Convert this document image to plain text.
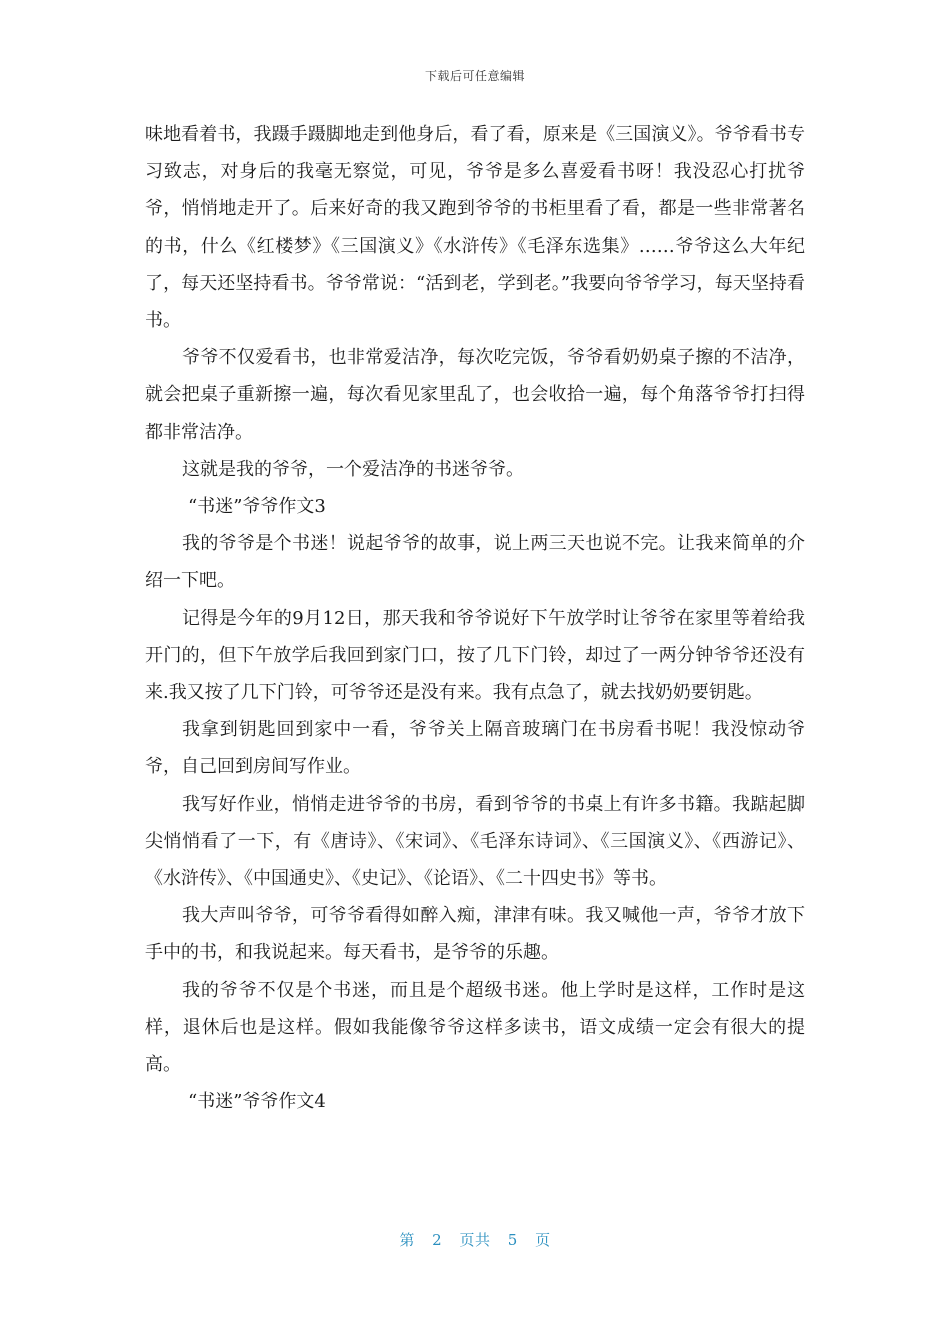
下载后可任意编辑

味地看着书，我蹑手蹑脚地走到他身后，看了看，原来是《三国演义》。爷爷看书专习致志，对身后的我毫无察觉，可见，爷爷是多么喜爱看书呀！我没忍心打扰爷爷，悄悄地走开了。后来好奇的我又跑到爷爷的书柜里看了看，都是一些非常著名的书，什么《红楼梦》《三国演义》《水浒传》《毛泽东选集》……爷爷这么大年纪了，每天还坚持看书。爷爷常说：“活到老，学到老。”我要向爷爷学习，每天坚持看书。

爷爷不仅爱看书，也非常爱洁净，每次吃完饭，爷爷看奶奶桌子擦的不洁净，就会把桌子重新擦一遍，每次看见家里乱了，也会收拾一遍，每个角落爷爷打扫得都非常洁净。

这就是我的爷爷，一个爱洁净的书迷爷爷。

“书迷”爷爷作文3

我的爷爷是个书迷！说起爷爷的故事，说上两三天也说不完。让我来简单的介绍一下吧。

记得是今年的9月12日，那天我和爷爷说好下午放学时让爷爷在家里等着给我开门的，但下午放学后我回到家门口，按了几下门铃，却过了一两分钟爷爷还没有来.我又按了几下门铃，可爷爷还是没有来。我有点急了，就去找奶奶要钥匙。

我拿到钥匙回到家中一看，爷爷关上隔音玻璃门在书房看书呢！我没惊动爷爷，自己回到房间写作业。

我写好作业，悄悄走进爷爷的书房，看到爷爷的书桌上有许多书籍。我踮起脚尖悄悄看了一下，有《唐诗》、《宋词》、《毛泽东诗词》、《三国演义》、《西游记》、《水浒传》、《中国通史》、《史记》、《论语》、《二十四史书》等书。

我大声叫爷爷，可爷爷看得如醉入痴，津津有味。我又喊他一声，爷爷才放下手中的书，和我说起来。每天看书，是爷爷的乐趣。

我的爷爷不仅是个书迷，而且是个超级书迷。他上学时是这样，工作时是这样，退休后也是这样。假如我能像爷爷这样多读书，语文成绩一定会有很大的提高。

“书迷”爷爷作文4

第 2 页共 5 页
